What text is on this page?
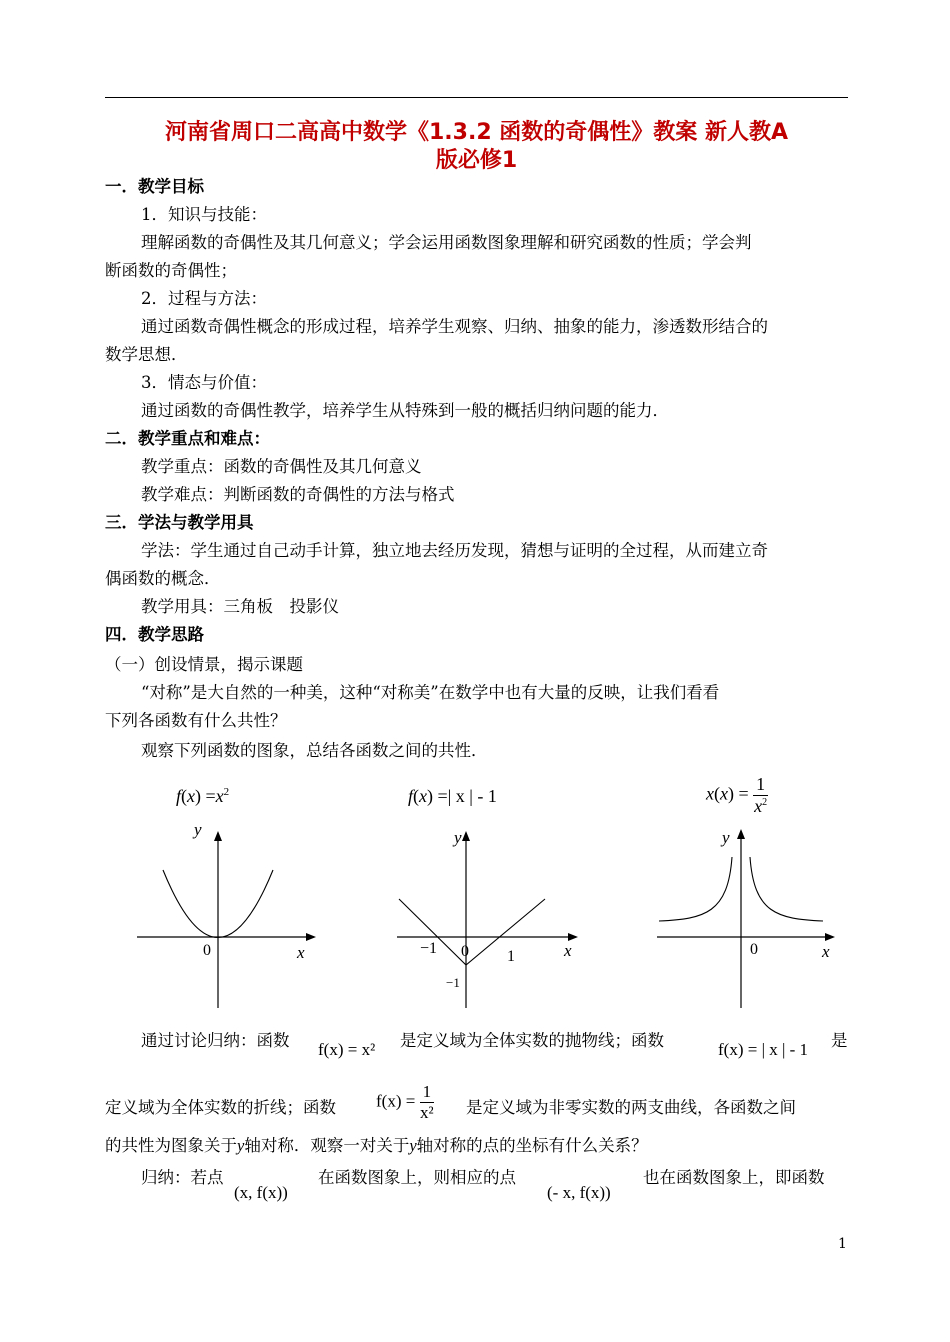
河南省周口二高高中数学《1.3.2 函数的奇偶性》教案 新人教A
版必修1
一．教学目标
1．知识与技能：
理解函数的奇偶性及其几何意义；学会运用函数图象理解和研究函数的性质；学会判
断函数的奇偶性；
2．过程与方法：
通过函数奇偶性概念的形成过程，培养学生观察、归纳、抽象的能力，渗透数形结合的
数学思想．
3．情态与价值：
通过函数的奇偶性教学，培养学生从特殊到一般的概括归纳问题的能力．
二．教学重点和难点：
教学重点：函数的奇偶性及其几何意义
教学难点：判断函数的奇偶性的方法与格式
三．学法与教学用具
学法：学生通过自己动手计算，独立地去经历发现，猜想与证明的全过程，从而建立奇
偶函数的概念．
教学用具：三角板　投影仪
四．教学思路
（一）创设情景，揭示课题
“对称”是大自然的一种美，这种“对称美”在数学中也有大量的反映，让我们看看
下列各函数有什么共性？
观察下列函数的图象，总结各函数之间的共性．
$f(x) =x^2$
y
x
0
f(x) =| x | - 1
y
x
0
−1	1
−1
$x(x) = \frac{1}{x^2}$
y
x
0
通过讨论归纳：函数 f(x) = x² 是定义域为全体实数的抛物线；函数	f(x) = | x | - 1 是
定义域为全体实数的折线；函数 $f(x) = \frac{1}{\text{x²}}$ 是定义域为非零实数的两支曲线，各函数之间
的共性为图象关于y轴对称．观察一对关于y轴对称的点的坐标有什么关系？
归纳：若点
(x, f(x))
在函数图象上，则相应的点
(- x, f(x))
也在函数图象上，即函数
1
